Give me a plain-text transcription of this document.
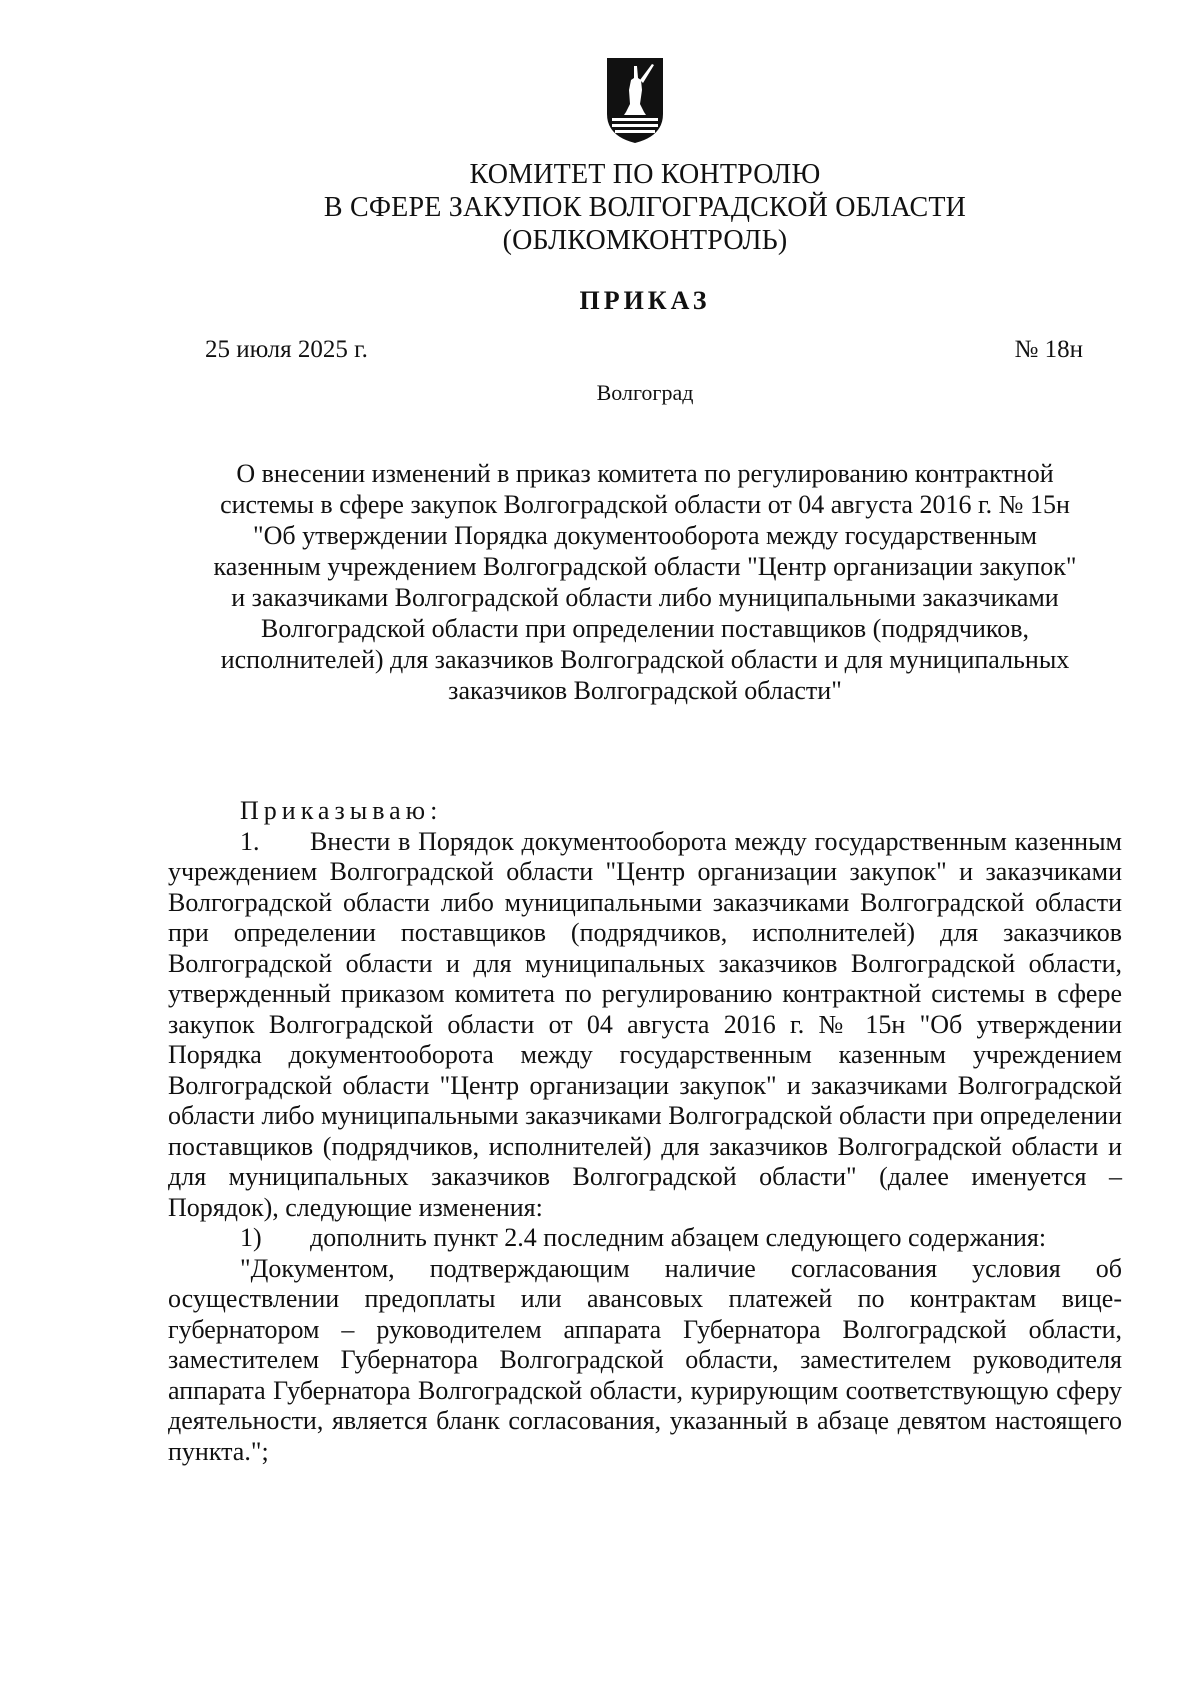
КОМИТЕТ ПО КОНТРОЛЮ
В СФЕРЕ ЗАКУПОК ВОЛГОГРАДСКОЙ ОБЛАСТИ
(ОБЛКОМКОНТРОЛЬ)
ПРИКАЗ
25 июля 2025 г.	№ 18н
Волгоград
О внесении изменений в приказ комитета по регулированию контрактной
системы в сфере закупок Волгоградской области от 04 августа 2016 г. № 15н
"Об утверждении Порядка документооборота между государственным
казенным учреждением Волгоградской области "Центр организации закупок"
и заказчиками Волгоградской области либо муниципальными заказчиками
Волгоградской области при определении поставщиков (подрядчиков,
исполнителей) для заказчиков Волгоградской области и для муниципальных
заказчиков Волгоградской области"
Приказываю:

1. Внести в Порядок документооборота между государственным казенным учреждением Волгоградской области "Центр организации закупок" и заказчиками Волгоградской области либо муниципальными заказчиками Волгоградской области при определении поставщиков (подрядчиков, исполнителей) для заказчиков Волгоградской области и для муниципальных заказчиков Волгоградской области, утвержденный приказом комитета по регулированию контрактной системы в сфере закупок Волгоградской области от 04 августа 2016 г. № 15н "Об утверждении Порядка документооборота между государственным казенным учреждением Волгоградской области "Центр организации закупок" и заказчиками Волгоградской области либо муниципальными заказчиками Волгоградской области при определении поставщиков (подрядчиков, исполнителей) для заказчиков Волгоградской области и для муниципальных заказчиков Волгоградской области" (далее именуется – Порядок), следующие изменения:

1) дополнить пункт 2.4 последним абзацем следующего содержания:

"Документом, подтверждающим наличие согласования условия об осуществлении предоплаты или авансовых платежей по контрактам вице-губернатором – руководителем аппарата Губернатора Волгоградской области, заместителем Губернатора Волгоградской области, заместителем руководителя аппарата Губернатора Волгоградской области, курирующим соответствующую сферу деятельности, является бланк согласования, указанный в абзаце девятом настоящего пункта.";
